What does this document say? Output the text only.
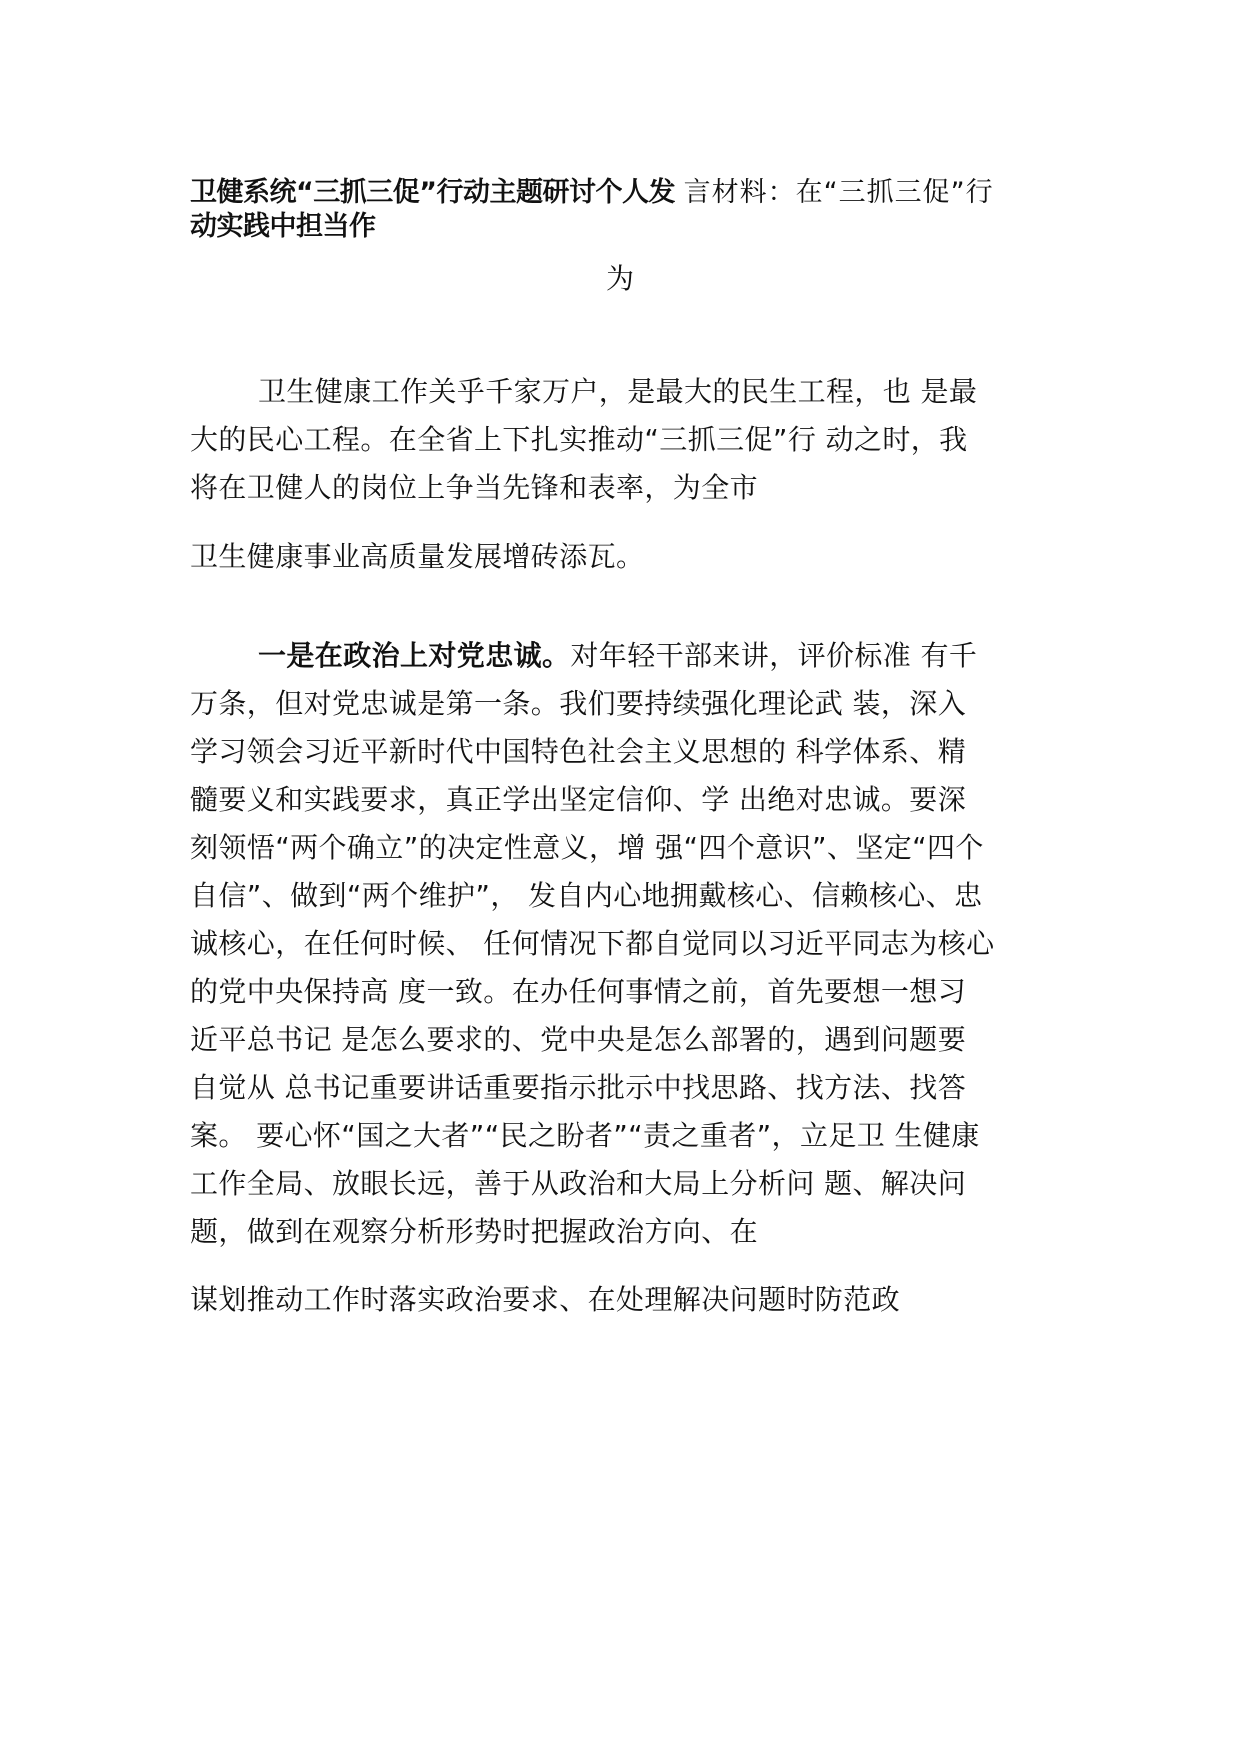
卫健系统“三抓三促”行动主题研讨个人发 言材料：在“三抓三促”行
动实践中担当作
为
卫生健康工作关乎千家万户，是最大的民生工程，也 是最
大的民心工程。在全省上下扎实推动“三抓三促”行 动之时，我
将在卫健人的岗位上争当先锋和表率，为全市
卫生健康事业高质量发展增砖添瓦。
一是在政治上对党忠诚。对年轻干部来讲，评价标准 有千
万条，但对党忠诚是第一条。我们要持续强化理论武 装，深入
学习领会习近平新时代中国特色社会主义思想的 科学体系、精
髓要义和实践要求，真正学出坚定信仰、学 出绝对忠诚。要深
刻领悟“两个确立”的决定性意义，增 强“四个意识”、坚定“四个
自信”、做到“两个维护”， 发自内心地拥戴核心、信赖核心、忠
诚核心，在任何时候、 任何情况下都自觉同以习近平同志为核心
的党中央保持高 度一致。在办任何事情之前，首先要想一想习
近平总书记 是怎么要求的、党中央是怎么部署的，遇到问题要
自觉从 总书记重要讲话重要指示批示中找思路、找方法、找答
案。 要心怀“国之大者”“民之盼者”“责之重者”，立足卫 生健康
工作全局、放眼长远，善于从政治和大局上分析问 题、解决问
题，做到在观察分析形势时把握政治方向、在
谋划推动工作时落实政治要求、在处理解决问题时防范政
